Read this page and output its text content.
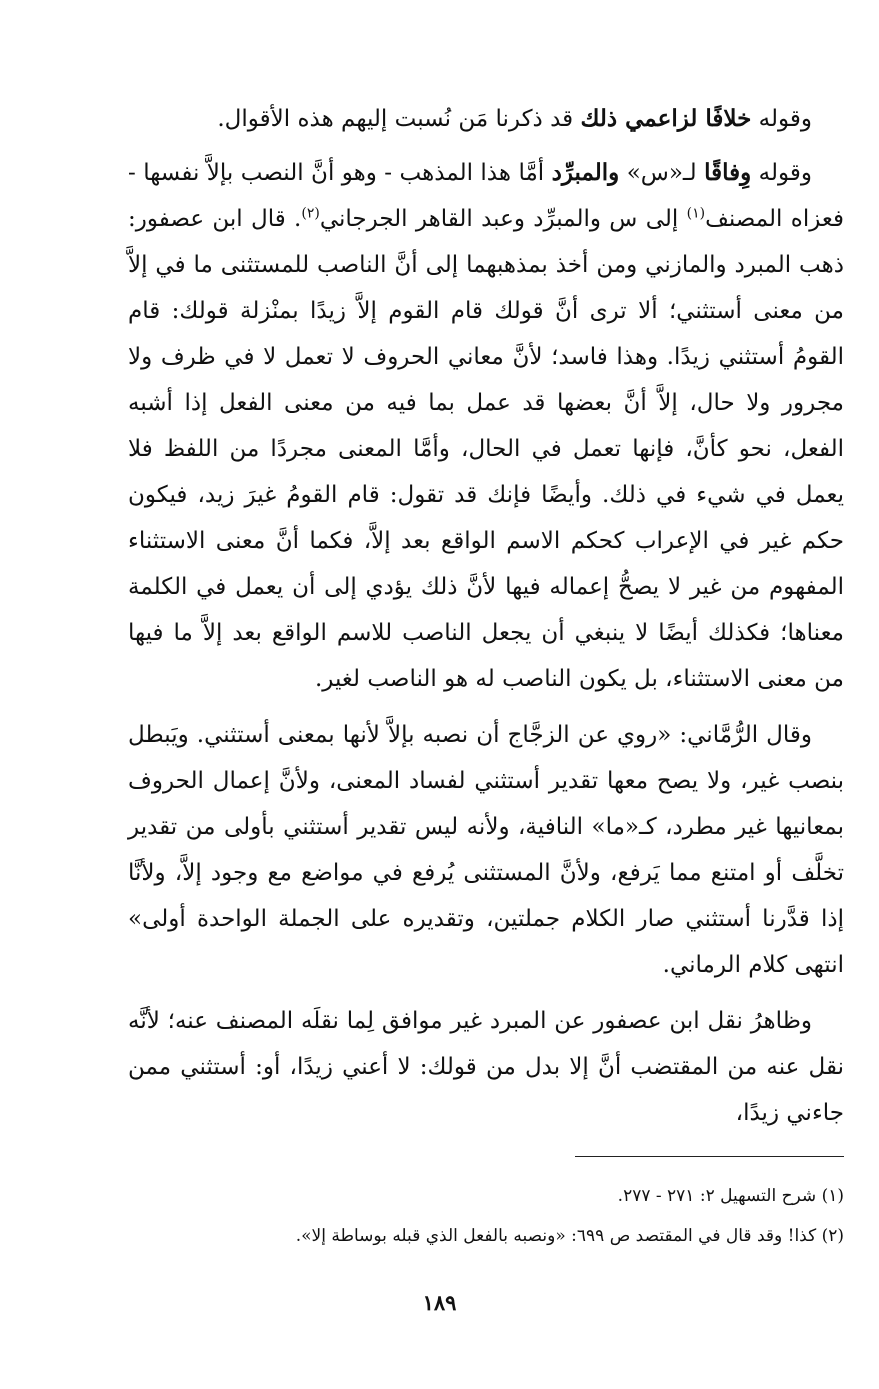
وقوله خلافًا لزاعمي ذلك قد ذكرنا مَن نُسبت إليهم هذه الأقوال.

وقوله وِفاقًا لـ«س» والمبرِّد أمَّا هذا المذهب - وهو أنَّ النصب بإلاَّ نفسها - فعزاه المصنف$^{(١)}$ إلى س والمبرِّد وعبد القاهر الجرجاني$^{(٢)}$. قال ابن عصفور: ذهب المبرد والمازني ومن أخذ بمذهبهما إلى أنَّ الناصب للمستثنى ما في إلاَّ من معنى أستثني؛ ألا ترى أنَّ قولك قام القوم إلاَّ زيدًا بمنْزلة قولك: قام القومُ أستثني زيدًا. وهذا فاسد؛ لأنَّ معاني الحروف لا تعمل لا في ظرف ولا مجرور ولا حال، إلاَّ أنَّ بعضها قد عمل بما فيه من معنى الفعل إذا أشبه الفعل، نحو كأنَّ، فإنها تعمل في الحال، وأمَّا المعنى مجردًا من اللفظ فلا يعمل في شيء في ذلك. وأيضًا فإنك قد تقول: قام القومُ غيرَ زيد، فيكون حكم غير في الإعراب كحكم الاسم الواقع بعد إلاَّ، فكما أنَّ معنى الاستثناء المفهوم من غير لا يصحُّ إعماله فيها لأنَّ ذلك يؤدي إلى أن يعمل في الكلمة معناها؛ فكذلك أيضًا لا ينبغي أن يجعل الناصب للاسم الواقع بعد إلاَّ ما فيها من معنى الاستثناء، بل يكون الناصب له هو الناصب لغير.

وقال الرُّمَّاني: «روي عن الزجَّاج أن نصبه بإلاَّ لأنها بمعنى أستثني. ويَبطل بنصب غير، ولا يصح معها تقدير أستثني لفساد المعنى، ولأنَّ إعمال الحروف بمعانيها غير مطرد، كـ«ما» النافية، ولأنه ليس تقدير أستثني بأولى من تقدير تخلَّف أو امتنع مما يَرفع، ولأنَّ المستثنى يُرفع في مواضع مع وجود إلاَّ، ولأنَّا إذا قدَّرنا أستثني صار الكلام جملتين، وتقديره على الجملة الواحدة أولى» انتهى كلام الرماني.

وظاهرُ نقل ابن عصفور عن المبرد غير موافق لِما نقلَه المصنف عنه؛ لأنَّه نقل عنه من المقتضب أنَّ إلا بدل من قولك: لا أعني زيدًا، أو: أستثني ممن جاءني زيدًا،

(١) شرح التسهيل ٢: ٢٧١ - ٢٧٧.

(٢) كذا! وقد قال في المقتصد ص ٦٩٩: «ونصبه بالفعل الذي قبله بوساطة إلا».

١٨٩
